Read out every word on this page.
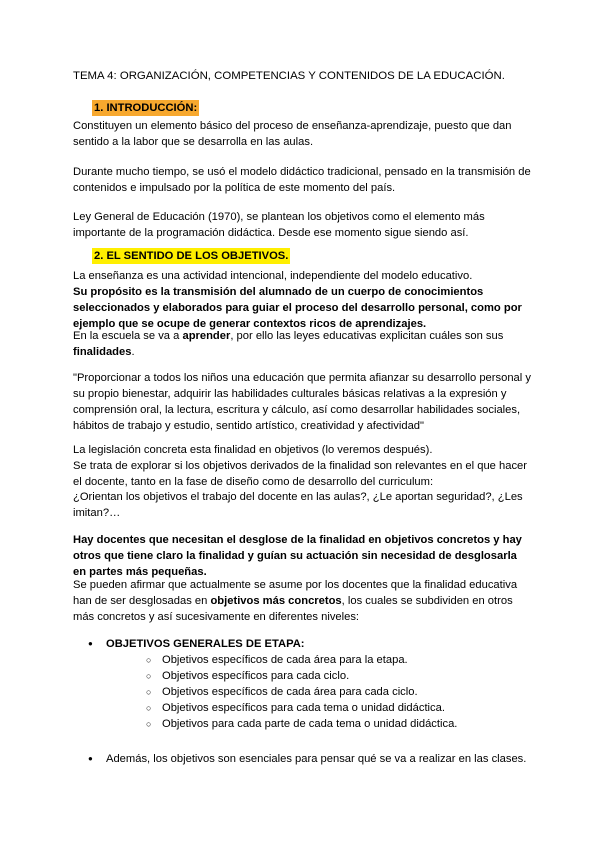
TEMA 4: ORGANIZACIÓN, COMPETENCIAS Y CONTENIDOS DE LA EDUCACIÓN.
1. INTRODUCCIÓN:
Constituyen un elemento básico del proceso de enseñanza-aprendizaje, puesto que dan sentido a la labor que se desarrolla en las aulas.
Durante mucho tiempo, se usó el modelo didáctico tradicional, pensado en la transmisión de contenidos e impulsado por la política de este momento del país.
Ley General de Educación (1970), se plantean los objetivos como el elemento más importante de la programación didáctica. Desde ese momento sigue siendo así.
2. EL SENTIDO DE LOS OBJETIVOS.
La enseñanza es una actividad intencional, independiente del modelo educativo.
Su propósito es la transmisión del alumnado de un cuerpo de conocimientos seleccionados y elaborados para guiar el proceso del desarrollo personal, como por ejemplo que se ocupe de generar contextos ricos de aprendizajes.
En la escuela se va a aprender, por ello las leyes educativas explicitan cuáles son sus finalidades.
"Proporcionar a todos los niños una educación que permita afianzar su desarrollo personal y su propio bienestar, adquirir las habilidades culturales básicas relativas a la expresión y comprensión oral, la lectura, escritura y cálculo, así como desarrollar habilidades sociales, hábitos de trabajo y estudio, sentido artístico, creatividad y afectividad"
La legislación concreta esta finalidad en objetivos (lo veremos después).
Se trata de explorar si los objetivos derivados de la finalidad son relevantes en el que hacer el docente, tanto en la fase de diseño como de desarrollo del curriculum:
¿Orientan los objetivos el trabajo del docente en las aulas?, ¿Le aportan seguridad?, ¿Les imitan?…
Hay docentes que necesitan el desglose de la finalidad en objetivos concretos y hay otros que tiene claro la finalidad y guían su actuación sin necesidad de desglosarla en partes más pequeñas.
Se pueden afirmar que actualmente se asume por los docentes que la finalidad educativa han de ser desglosadas en objetivos más concretos, los cuales se subdividen en otros más concretos y así sucesivamente en diferentes niveles:
● OBJETIVOS GENERALES DE ETAPA:
○ Objetivos específicos de cada área para la etapa.
○ Objetivos específicos para cada ciclo.
○ Objetivos específicos de cada área para cada ciclo.
○ Objetivos específicos para cada tema o unidad didáctica.
○ Objetivos para cada parte de cada tema o unidad didáctica.
● Además, los objetivos son esenciales para pensar qué se va a realizar en las clases.
